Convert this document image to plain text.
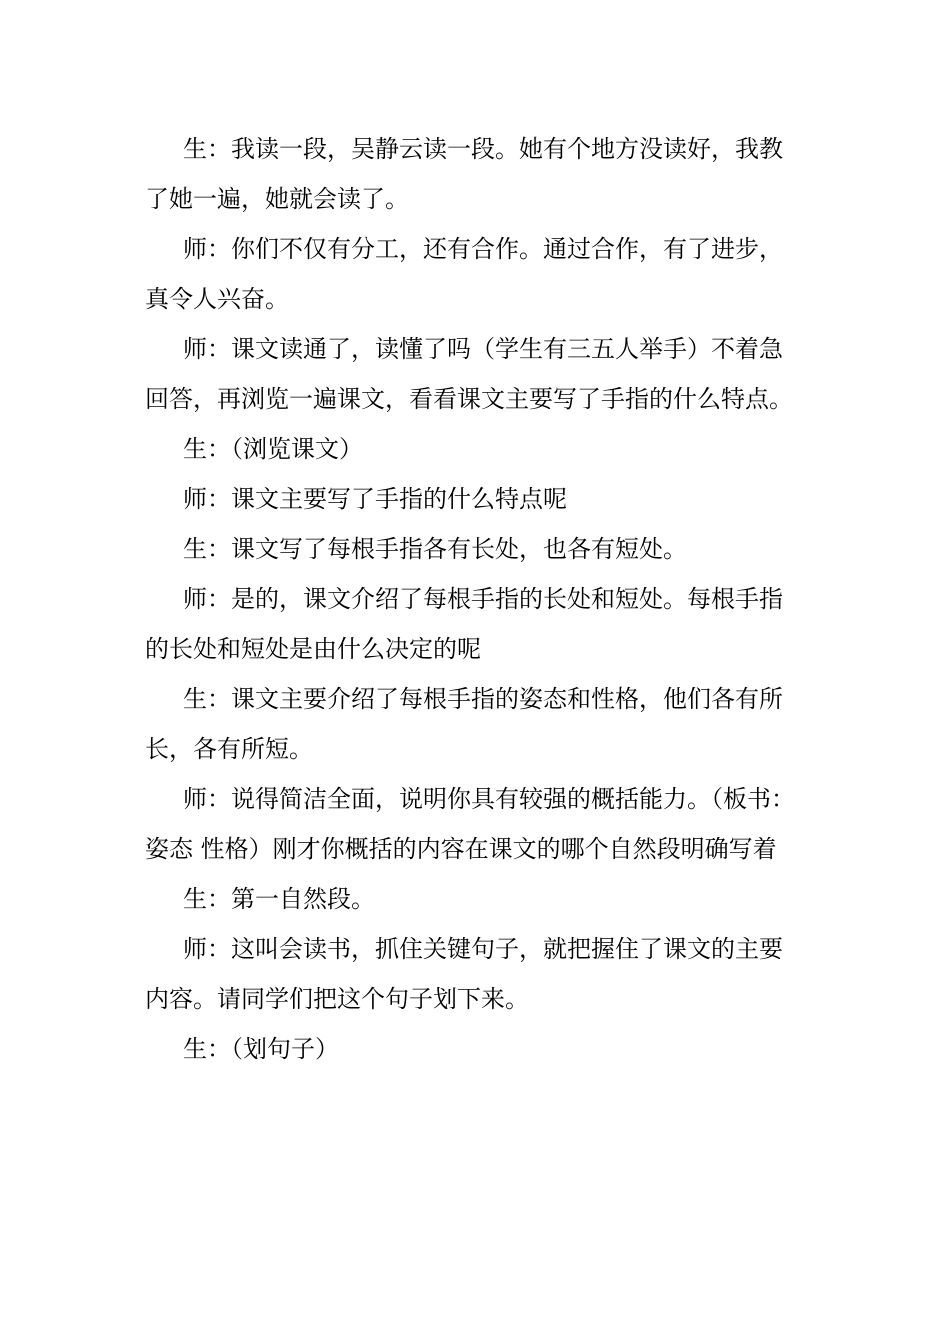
生：我读一段，吴静云读一段。她有个地方没读好，我教了她一遍，她就会读了。

师：你们不仅有分工，还有合作。通过合作，有了进步，真令人兴奋。

师：课文读通了，读懂了吗（学生有三五人举手）不着急回答，再浏览一遍课文，看看课文主要写了手指的什么特点。

生：（浏览课文）

师：课文主要写了手指的什么特点呢

生：课文写了每根手指各有长处，也各有短处。

师：是的，课文介绍了每根手指的长处和短处。每根手指的长处和短处是由什么决定的呢

生：课文主要介绍了每根手指的姿态和性格，他们各有所长，各有所短。

师：说得简洁全面，说明你具有较强的概括能力。（板书：姿态 性格）刚才你概括的内容在课文的哪个自然段明确写着

生：第一自然段。

师：这叫会读书，抓住关键句子，就把握住了课文的主要内容。请同学们把这个句子划下来。

生：（划句子）
